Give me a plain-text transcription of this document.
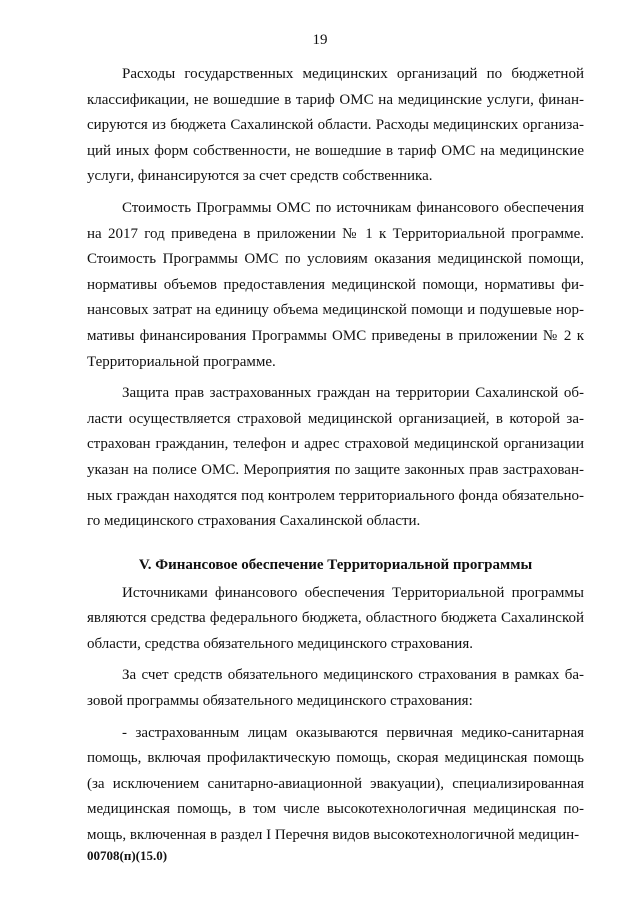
19

Расходы государственных медицинских организаций по бюджетной классификации, не вошедшие в тариф ОМС на медицинские услуги, финансируются из бюджета Сахалинской области. Расходы медицинских организаций иных форм собственности, не вошедшие в тариф ОМС на медицинские услуги, финансируются за счет средств собственника.

Стоимость Программы ОМС по источникам финансового обеспечения на 2017 год приведена в приложении № 1 к Территориальной программе. Стоимость Программы ОМС по условиям оказания медицинской помощи, нормативы объемов предоставления медицинской помощи, нормативы финансовых затрат на единицу объема медицинской помощи и подушевые нормативы финансирования Программы ОМС приведены в приложении № 2 к Территориальной программе.

Защита прав застрахованных граждан на территории Сахалинской области осуществляется страховой медицинской организацией, в которой застрахован гражданин, телефон и адрес страховой медицинской организации указан на полисе ОМС. Мероприятия по защите законных прав застрахованных граждан находятся под контролем территориального фонда обязательного медицинского страхования Сахалинской области.

V. Финансовое обеспечение Территориальной программы

Источниками финансового обеспечения Территориальной программы являются средства федерального бюджета, областного бюджета Сахалинской области, средства обязательного медицинского страхования.

За счет средств обязательного медицинского страхования в рамках базовой программы обязательного медицинского страхования:

- застрахованным лицам оказываются первичная медико-санитарная помощь, включая профилактическую помощь, скорая медицинская помощь (за исключением санитарно-авиационной эвакуации), специализированная медицинская помощь, в том числе высокотехнологичная медицинская помощь, включенная в раздел I Перечня видов высокотехнологичной медицин-

00708(п)(15.0)
